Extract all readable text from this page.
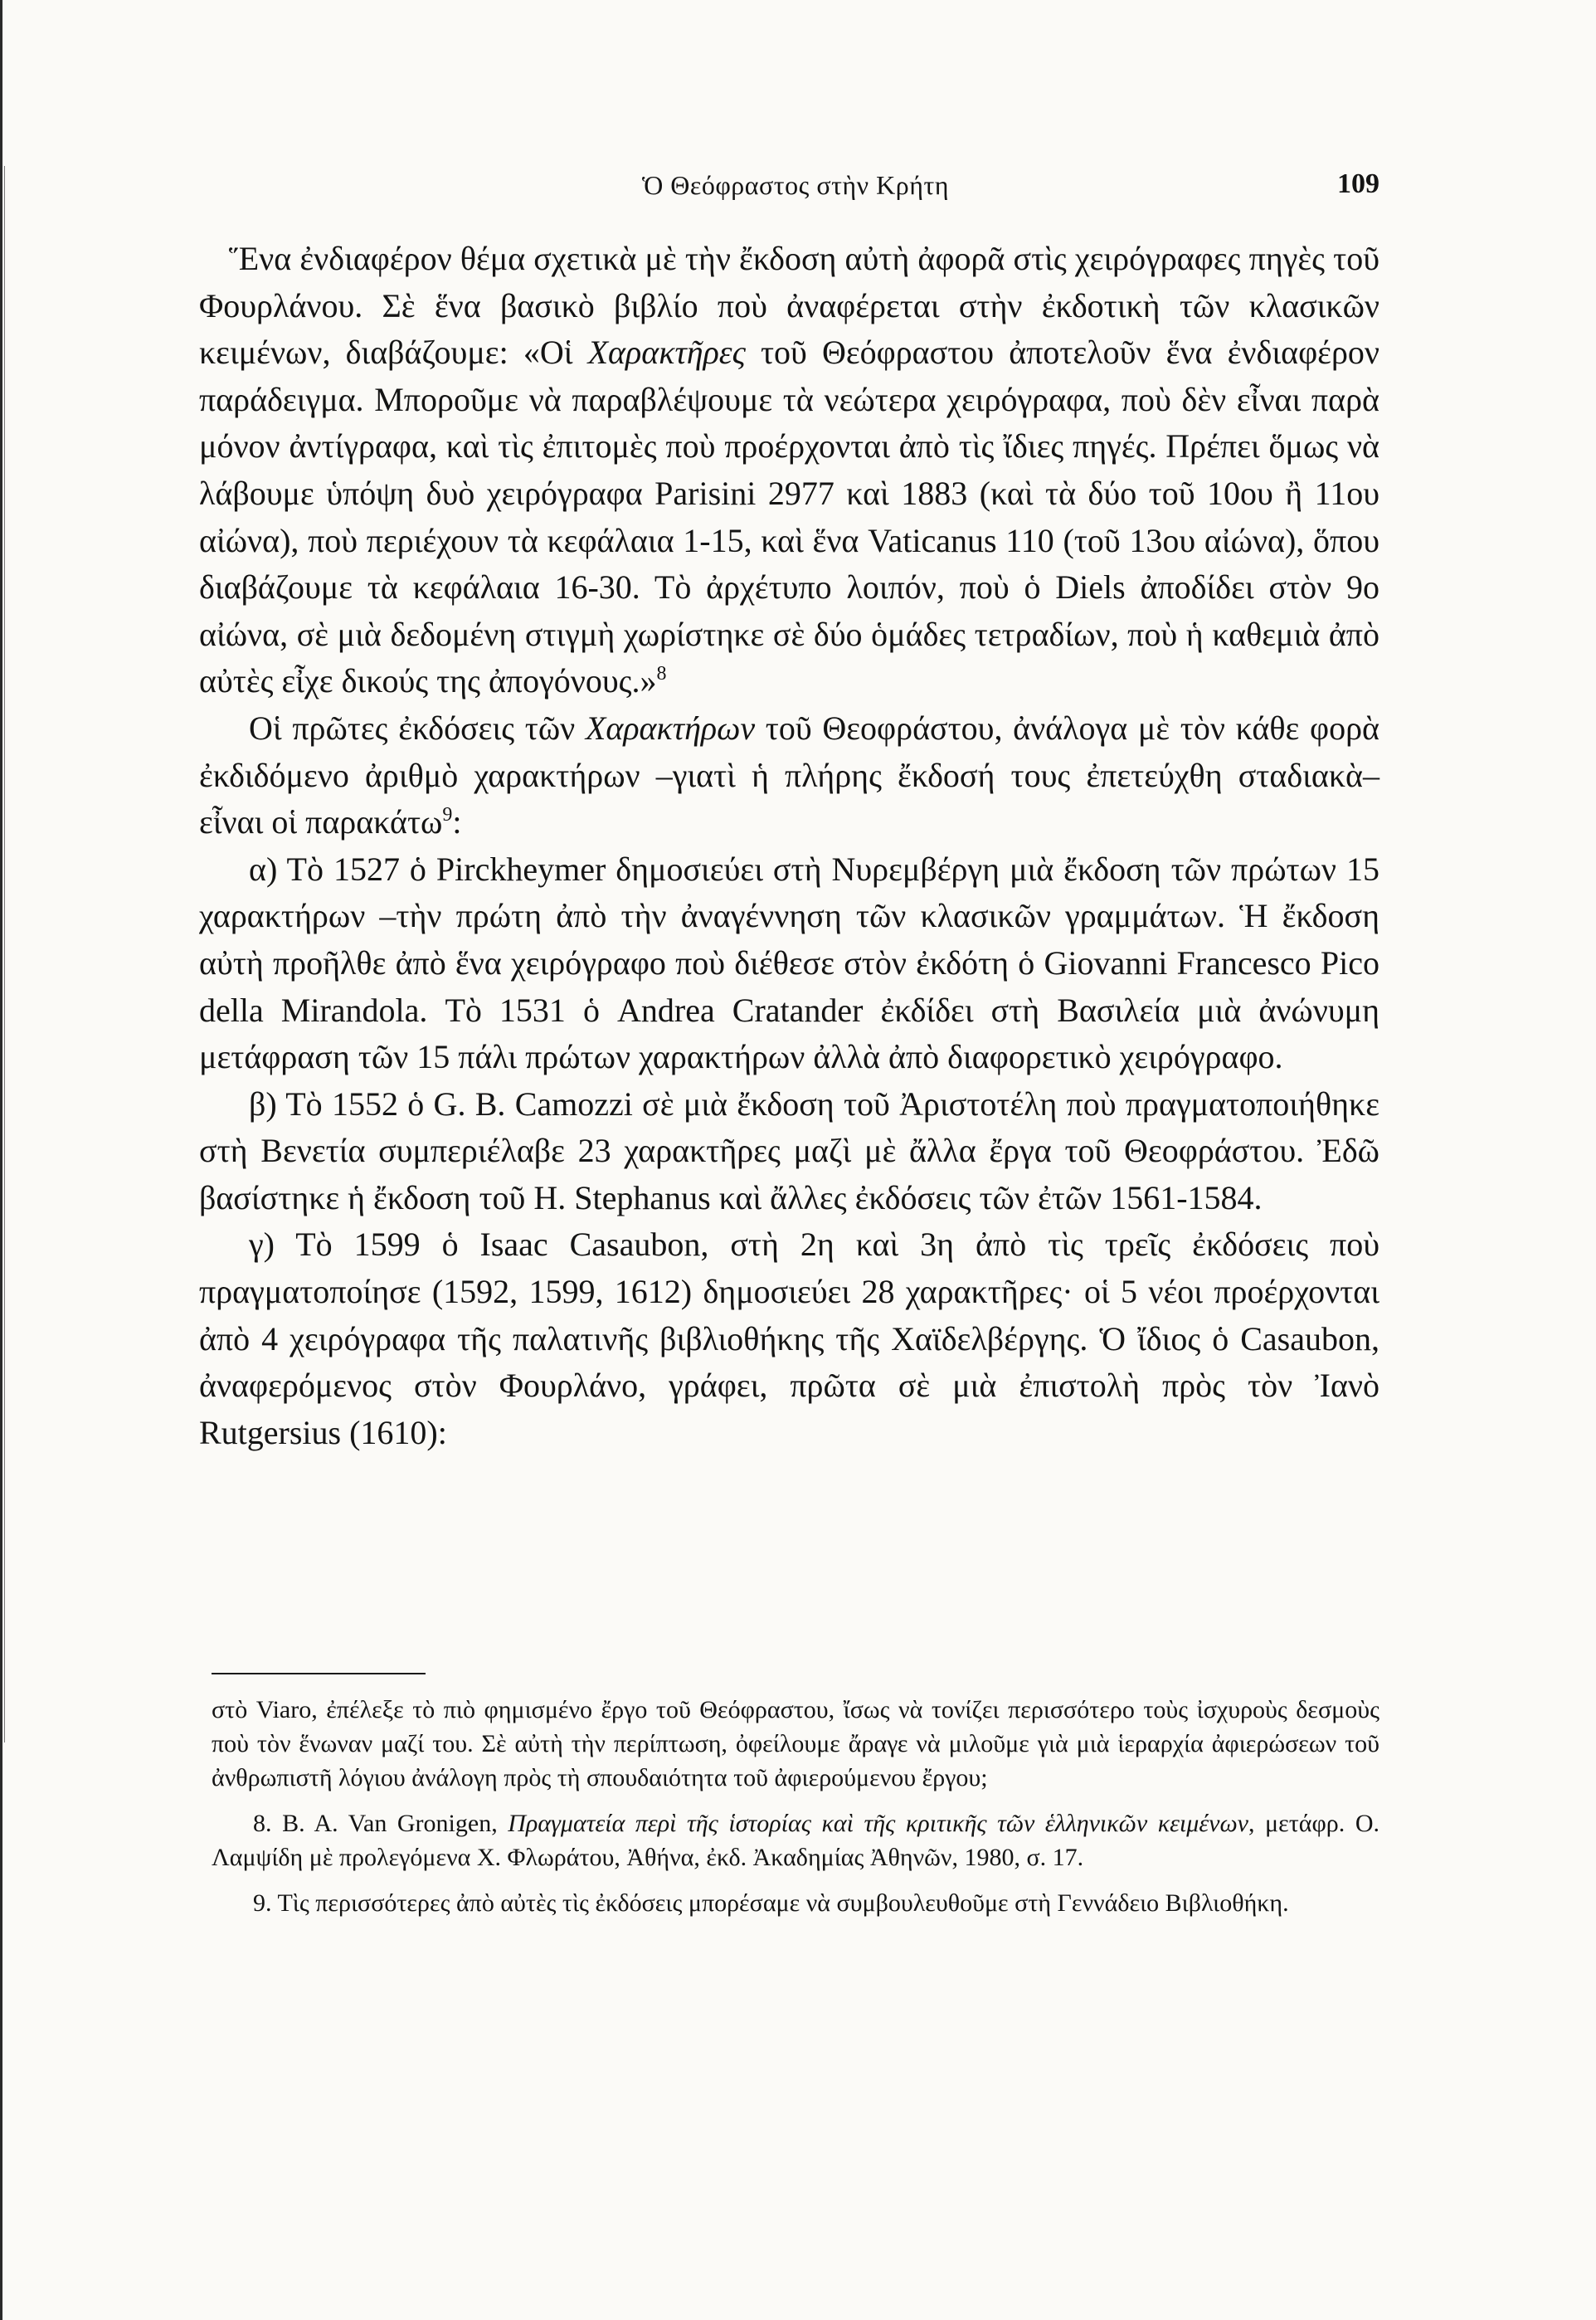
Ὁ Θεόφραστος στὴν Κρήτη	109

Ἕνα ἐνδιαφέρον θέμα σχετικὰ μὲ τὴν ἔκδοση αὐτὴ ἀφορᾶ στὶς χειρόγραφες πηγὲς τοῦ Φουρλάνου. Σὲ ἕνα βασικὸ βιβλίο ποὺ ἀναφέρεται στὴν ἐκδοτικὴ τῶν κλασικῶν κειμένων, διαβάζουμε: «Οἱ Χαρακτῆρες τοῦ Θεόφραστου ἀποτελοῦν ἕνα ἐνδιαφέρον παράδειγμα. Μποροῦμε νὰ παραβλέψουμε τὰ νεώτερα χειρόγραφα, ποὺ δὲν εἶναι παρὰ μόνον ἀντίγραφα, καὶ τὶς ἐπιτομὲς ποὺ προέρχονται ἀπὸ τὶς ἴδιες πηγές. Πρέπει ὅμως νὰ λάβουμε ὑπόψη δυὸ χειρόγραφα Parisini 2977 καὶ 1883 (καὶ τὰ δύο τοῦ 10ου ἢ 11ου αἰώνα), ποὺ περιέχουν τὰ κεφάλαια 1-15, καὶ ἕνα Vaticanus 110 (τοῦ 13ου αἰώνα), ὅπου διαβάζουμε τὰ κεφάλαια 16-30. Τὸ ἀρχέτυπο λοιπόν, ποὺ ὁ Diels ἀποδίδει στὸν 9ο αἰώνα, σὲ μιὰ δεδομένη στιγμὴ χωρίστηκε σὲ δύο ὁμάδες τετραδίων, ποὺ ἡ καθεμιὰ ἀπὸ αὐτὲς εἶχε δικούς της ἀπογόνους.»$^8$

Οἱ πρῶτες ἐκδόσεις τῶν Χαρακτήρων τοῦ Θεοφράστου, ἀνάλογα μὲ τὸν κάθε φορὰ ἐκδιδόμενο ἀριθμὸ χαρακτήρων –γιατὶ ἡ πλήρης ἔκδοσή τους ἐπετεύχθη σταδιακὰ– εἶναι οἱ παρακάτω$^9$:

α) Τὸ 1527 ὁ Pirckheymer δημοσιεύει στὴ Νυρεμβέργη μιὰ ἔκδοση τῶν πρώτων 15 χαρακτήρων –τὴν πρώτη ἀπὸ τὴν ἀναγέννηση τῶν κλασικῶν γραμμάτων. Ἡ ἔκδοση αὐτὴ προῆλθε ἀπὸ ἕνα χειρόγραφο ποὺ διέθεσε στὸν ἐκδότη ὁ Giovanni Francesco Pico della Mirandola. Τὸ 1531 ὁ Andrea Cratander ἐκδίδει στὴ Βασιλεία μιὰ ἀνώνυμη μετάφραση τῶν 15 πάλι πρώτων χαρακτήρων ἀλλὰ ἀπὸ διαφορετικὸ χειρόγραφο.

β) Τὸ 1552 ὁ G. B. Camozzi σὲ μιὰ ἔκδοση τοῦ Ἀριστοτέλη ποὺ πραγματοποιήθηκε στὴ Βενετία συμπεριέλαβε 23 χαρακτῆρες μαζὶ μὲ ἄλλα ἔργα τοῦ Θεοφράστου. Ἐδῶ βασίστηκε ἡ ἔκδοση τοῦ H. Stephanus καὶ ἄλλες ἐκδόσεις τῶν ἐτῶν 1561-1584.

γ) Τὸ 1599 ὁ Isaac Casaubon, στὴ 2η καὶ 3η ἀπὸ τὶς τρεῖς ἐκδόσεις ποὺ πραγματοποίησε (1592, 1599, 1612) δημοσιεύει 28 χαρακτῆρες· οἱ 5 νέοι προέρχονται ἀπὸ 4 χειρόγραφα τῆς παλατινῆς βιβλιοθήκης τῆς Χαϊδελβέργης. Ὁ ἴδιος ὁ Casaubon, ἀναφερόμενος στὸν Φουρλάνο, γράφει, πρῶτα σὲ μιὰ ἐπιστολὴ πρὸς τὸν Ἰανὸ Rutgersius (1610):

στὸ Viaro, ἐπέλεξε τὸ πιὸ φημισμένο ἔργο τοῦ Θεόφραστου, ἴσως νὰ τονίζει περισσότερο τοὺς ἰσχυροὺς δεσμοὺς ποὺ τὸν ἕνωναν μαζί του. Σὲ αὐτὴ τὴν περίπτωση, ὀφείλουμε ἄραγε νὰ μιλοῦμε γιὰ μιὰ ἱεραρχία ἀφιερώσεων τοῦ ἀνθρωπιστῆ λόγιου ἀνάλογη πρὸς τὴ σπουδαιότητα τοῦ ἀφιερούμενου ἔργου;

8. B. A. Van Gronigen, Πραγματεία περὶ τῆς ἱστορίας καὶ τῆς κριτικῆς τῶν ἑλληνικῶν κειμένων, μετάφρ. Ο. Λαμψίδη μὲ προλεγόμενα Χ. Φλωράτου, Ἀθήνα, ἐκδ. Ἀκαδημίας Ἀθηνῶν, 1980, σ. 17.

9. Τὶς περισσότερες ἀπὸ αὐτὲς τὶς ἐκδόσεις μπορέσαμε νὰ συμβουλευθοῦμε στὴ Γεννάδειο Βιβλιοθήκη.
